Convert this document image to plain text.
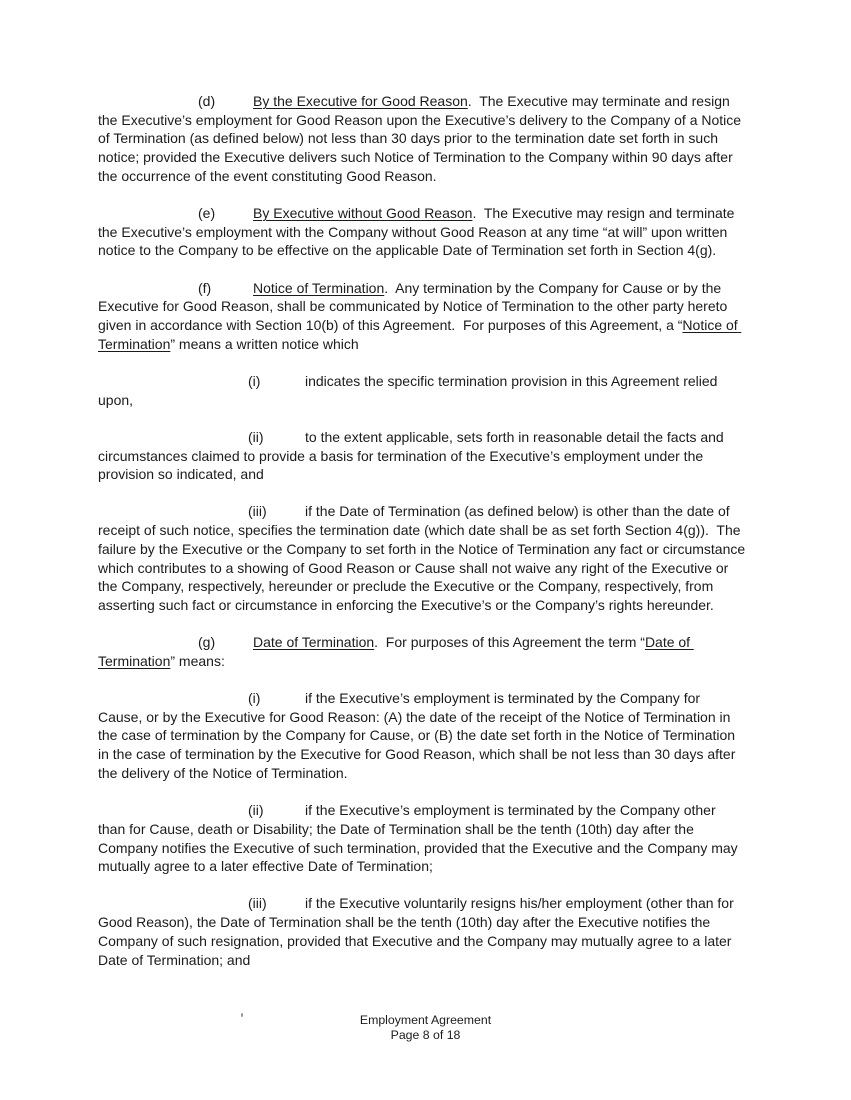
(d)	By the Executive for Good Reason.  The Executive may terminate and resign the Executive’s employment for Good Reason upon the Executive’s delivery to the Company of a Notice of Termination (as defined below) not less than 30 days prior to the termination date set forth in such notice; provided the Executive delivers such Notice of Termination to the Company within 90 days after the occurrence of the event constituting Good Reason.

(e)	By Executive without Good Reason.  The Executive may resign and terminate the Executive’s employment with the Company without Good Reason at any time “at will” upon written notice to the Company to be effective on the applicable Date of Termination set forth in Section 4(g).

(f)	Notice of Termination.  Any termination by the Company for Cause or by the Executive for Good Reason, shall be communicated by Notice of Termination to the other party hereto given in accordance with Section 10(b) of this Agreement.  For purposes of this Agreement, a “Notice of Termination” means a written notice which

(i)	indicates the specific termination provision in this Agreement relied upon,

(ii)	to the extent applicable, sets forth in reasonable detail the facts and circumstances claimed to provide a basis for termination of the Executive’s employment under the provision so indicated, and

(iii)	if the Date of Termination (as defined below) is other than the date of receipt of such notice, specifies the termination date (which date shall be as set forth Section 4(g)).  The failure by the Executive or the Company to set forth in the Notice of Termination any fact or circumstance which contributes to a showing of Good Reason or Cause shall not waive any right of the Executive or the Company, respectively, hereunder or preclude the Executive or the Company, respectively, from asserting such fact or circumstance in enforcing the Executive’s or the Company’s rights hereunder.

(g)	Date of Termination.  For purposes of this Agreement the term “Date of Termination” means:

(i)	if the Executive’s employment is terminated by the Company for Cause, or by the Executive for Good Reason: (A) the date of the receipt of the Notice of Termination in the case of termination by the Company for Cause, or (B) the date set forth in the Notice of Termination in the case of termination by the Executive for Good Reason, which shall be not less than 30 days after the delivery of the Notice of Termination.

(ii)	if the Executive’s employment is terminated by the Company other than for Cause, death or Disability; the Date of Termination shall be the tenth (10th) day after the Company notifies the Executive of such termination, provided that the Executive and the Company may mutually agree to a later effective Date of Termination;

(iii)	if the Executive voluntarily resigns his/her employment (other than for Good Reason), the Date of Termination shall be the tenth (10th) day after the Executive notifies the Company of such resignation, provided that Executive and the Company may mutually agree to a later Date of Termination; and

Employment Agreement
Page 8 of 18
